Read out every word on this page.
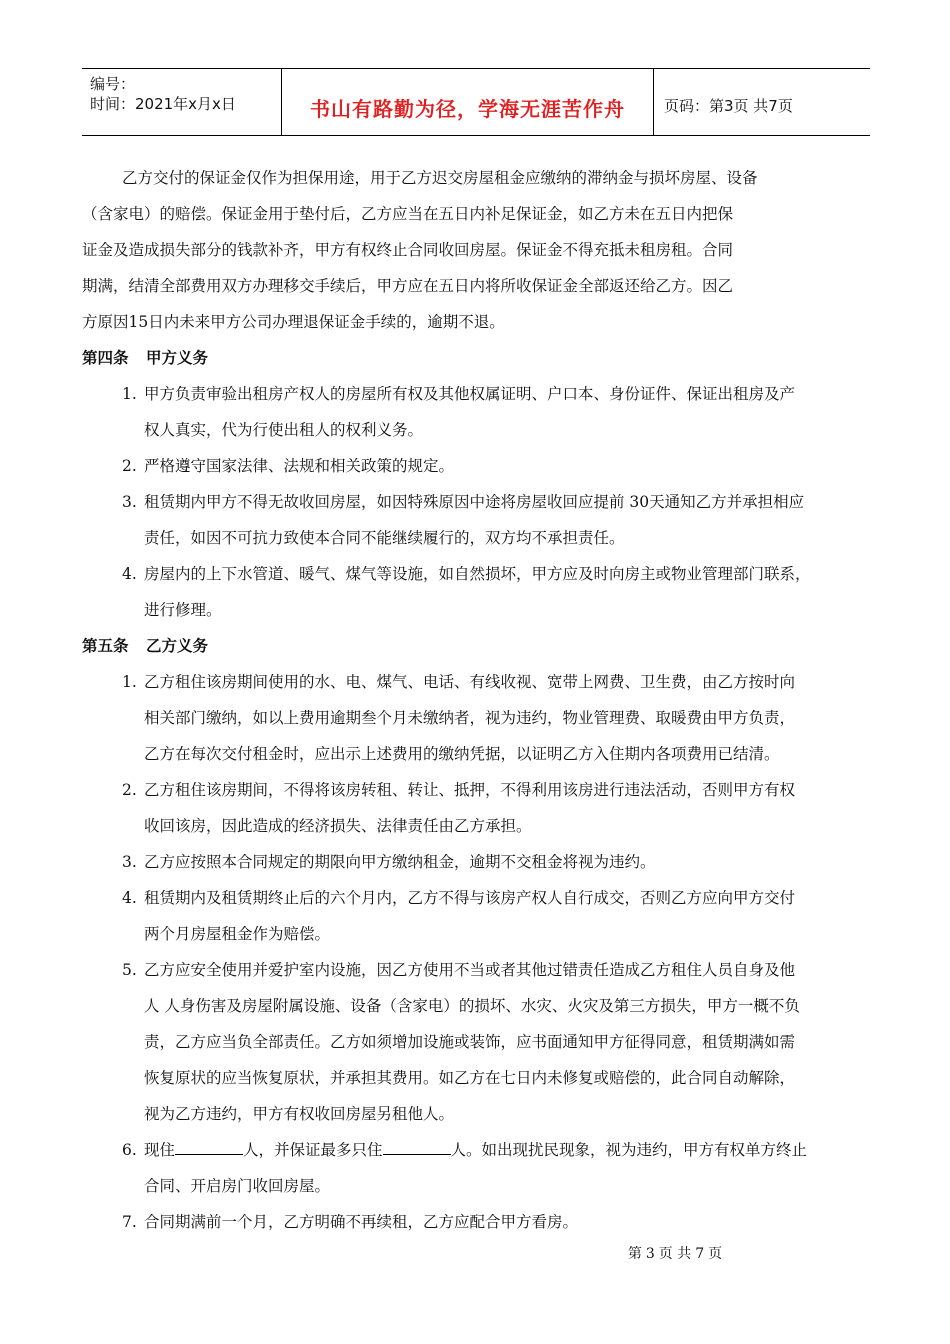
编号：
时间：2021年x月x日	书山有路勤为径，学海无涯苦作舟	页码：第3页 共7页
乙方交付的保证金仅作为担保用途，用于乙方迟交房屋租金应缴纳的滞纳金与损坏房屋、设备
（含家电）的赔偿。保证金用于垫付后，乙方应当在五日内补足保证金，如乙方未在五日内把保
证金及造成损失部分的钱款补齐，甲方有权终止合同收回房屋。保证金不得充抵未租房租。合同
期满，结清全部费用双方办理移交手续后，甲方应在五日内将所收保证金全部返还给乙方。因乙
方原因15日内未来甲方公司办理退保证金手续的，逾期不退。
第四条 甲方义务
1. 甲方负责审验出租房产权人的房屋所有权及其他权属证明、户口本、身份证件、保证出租房及产
权人真实，代为行使出租人的权利义务。
2. 严格遵守国家法律、法规和相关政策的规定。
3. 租赁期内甲方不得无故收回房屋，如因特殊原因中途将房屋收回应提前 30天通知乙方并承担相应
责任，如因不可抗力致使本合同不能继续履行的，双方均不承担责任。
4. 房屋内的上下水管道、暖气、煤气等设施，如自然损坏，甲方应及时向房主或物业管理部门联系，
进行修理。
第五条 乙方义务
1. 乙方租住该房期间使用的水、电、煤气、电话、有线收视、宽带上网费、卫生费，由乙方按时向
相关部门缴纳，如以上费用逾期叁个月未缴纳者，视为违约，物业管理费、取暖费由甲方负责，
乙方在每次交付租金时，应出示上述费用的缴纳凭据，以证明乙方入住期内各项费用已结清。
2. 乙方租住该房期间，不得将该房转租、转让、抵押，不得利用该房进行违法活动，否则甲方有权
收回该房，因此造成的经济损失、法律责任由乙方承担。
3. 乙方应按照本合同规定的期限向甲方缴纳租金，逾期不交租金将视为违约。
4. 租赁期内及租赁期终止后的六个月内，乙方不得与该房产权人自行成交，否则乙方应向甲方交付
两个月房屋租金作为赔偿。
5. 乙方应安全使用并爱护室内设施，因乙方使用不当或者其他过错责任造成乙方租住人员自身及他
人 人身伤害及房屋附属设施、设备（含家电）的损坏、水灾、火灾及第三方损失，甲方一概不负
责，乙方应当负全部责任。乙方如须增加设施或装饰，应书面通知甲方征得同意，租赁期满如需
恢复原状的应当恢复原状，并承担其费用。如乙方在七日内未修复或赔偿的，此合同自动解除，
视为乙方违约，甲方有权收回房屋另租他人。
6. 现住	人，并保证最多只住	人。如出现扰民现象，视为违约，甲方有权单方终止
合同、开启房门收回房屋。
7. 合同期满前一个月，乙方明确不再续租，乙方应配合甲方看房。
第 3 页 共 7 页
